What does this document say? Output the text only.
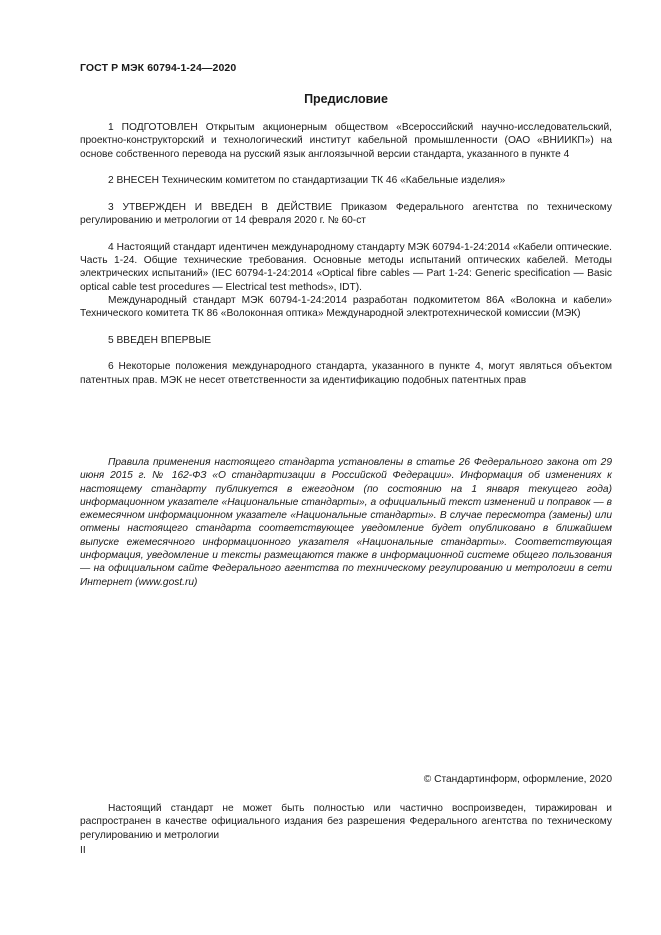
ГОСТ Р МЭК 60794-1-24—2020
Предисловие

1 ПОДГОТОВЛЕН Открытым акционерным обществом «Всероссийский научно-исследовательский, проектно-конструкторский и технологический институт кабельной промышленности (ОАО «ВНИИКП») на основе собственного перевода на русский язык англоязычной версии стандарта, указанного в пункте 4

2 ВНЕСЕН Техническим комитетом по стандартизации ТК 46 «Кабельные изделия»

3 УТВЕРЖДЕН И ВВЕДЕН В ДЕЙСТВИЕ Приказом Федерального агентства по техническому регулированию и метрологии от 14 февраля 2020 г. № 60-ст

4 Настоящий стандарт идентичен международному стандарту МЭК 60794-1-24:2014 «Кабели оптические. Часть 1-24. Общие технические требования. Основные методы испытаний оптических кабелей. Методы электрических испытаний» (IEC 60794-1-24:2014 «Optical fibre cables — Part 1-24: Generic specification — Basic optical cable test procedures — Electrical test methods», IDT).

Международный стандарт МЭК 60794-1-24:2014 разработан подкомитетом 86А «Волокна и кабели» Технического комитета ТК 86 «Волоконная оптика» Международной электротехнической комиссии (МЭК)

5 ВВЕДЕН ВПЕРВЫЕ

6 Некоторые положения международного стандарта, указанного в пункте 4, могут являться объектом патентных прав. МЭК не несет ответственности за идентификацию подобных патентных прав

Правила применения настоящего стандарта установлены в статье 26 Федерального закона от 29 июня 2015 г. № 162-ФЗ «О стандартизации в Российской Федерации». Информация об изменениях к настоящему стандарту публикуется в ежегодном (по состоянию на 1 января текущего года) информационном указателе «Национальные стандарты», а официальный текст изменений и поправок — в ежемесячном информационном указателе «Национальные стандарты». В случае пересмотра (замены) или отмены настоящего стандарта соответствующее уведомление будет опубликовано в ближайшем выпуске ежемесячного информационного указателя «Национальные стандарты». Соответствующая информация, уведомление и тексты размещаются также в информационной системе общего пользования — на официальном сайте Федерального агентства по техническому регулированию и метрологии в сети Интернет (www.gost.ru)
© Стандартинформ, оформление, 2020
Настоящий стандарт не может быть полностью или частично воспроизведен, тиражирован и распространен в качестве официального издания без разрешения Федерального агентства по техническому регулированию и метрологии
II
